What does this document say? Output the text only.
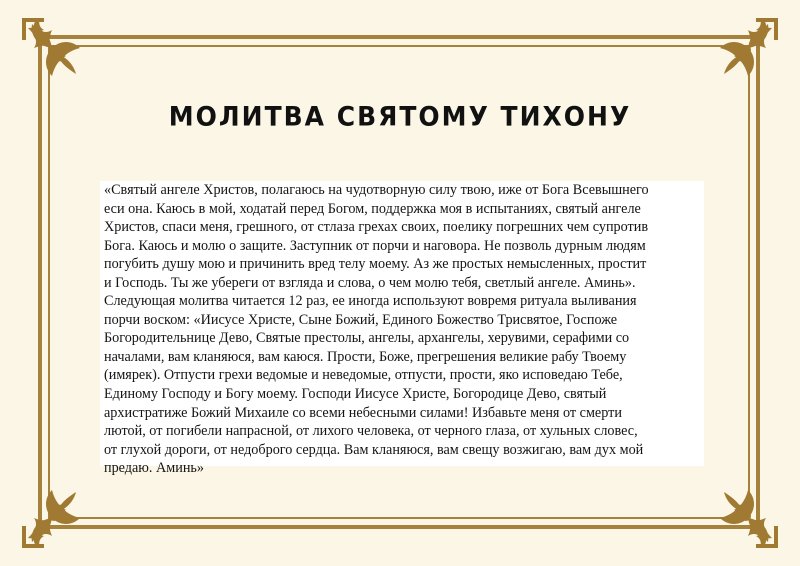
МОЛИТВА СВЯТОМУ ТИХОНУ

«Святый ангеле Христов, полагаюсь на чудотворную силу твою, иже от Бога Всевышнего
еси она. Каюсь в мой, ходатай перед Богом, поддержка моя в испытаниях, святый ангеле
Христов, спаси меня, грешного, от стлаза грехах своих, поелику погрешних чем супротив
Бога. Каюсь и молю о защите. Заступник от порчи и наговора. Не позволь дурным людям
погубить душу мою и причинить вред телу моему. Аз же простых немысленных, простит
и Господь. Ты же убереги от взгляда и слова, о чем молю тебя, светлый ангеле. Аминь».
Следующая молитва читается 12 раз, ее иногда используют вовремя ритуала выливания
порчи воском: «Иисусе Христе, Сыне Божий, Единого Божество Трисвятое, Госпоже
Богородительнице Дево, Святые престолы, ангелы, архангелы, херувими, серафими со
началами, вам кланяюся, вам каюся. Прости, Боже, прегрешения великие рабу Твоему
(имярек). Отпусти грехи ведомые и неведомые, отпусти, прости, яко исповедаю Тебе,
Единому Господу и Богу моему. Господи Иисусе Христе, Богородице Дево, святый
архистратиже Божий Михаиле со всеми небесными силами! Избавьте меня от смерти
лютой, от погибели напрасной, от лихого человека, от черного глаза, от хульных словес,
от глухой дороги, от недоброго сердца. Вам кланяюся, вам свещу возжигаю, вам дух мой
предаю. Аминь»
